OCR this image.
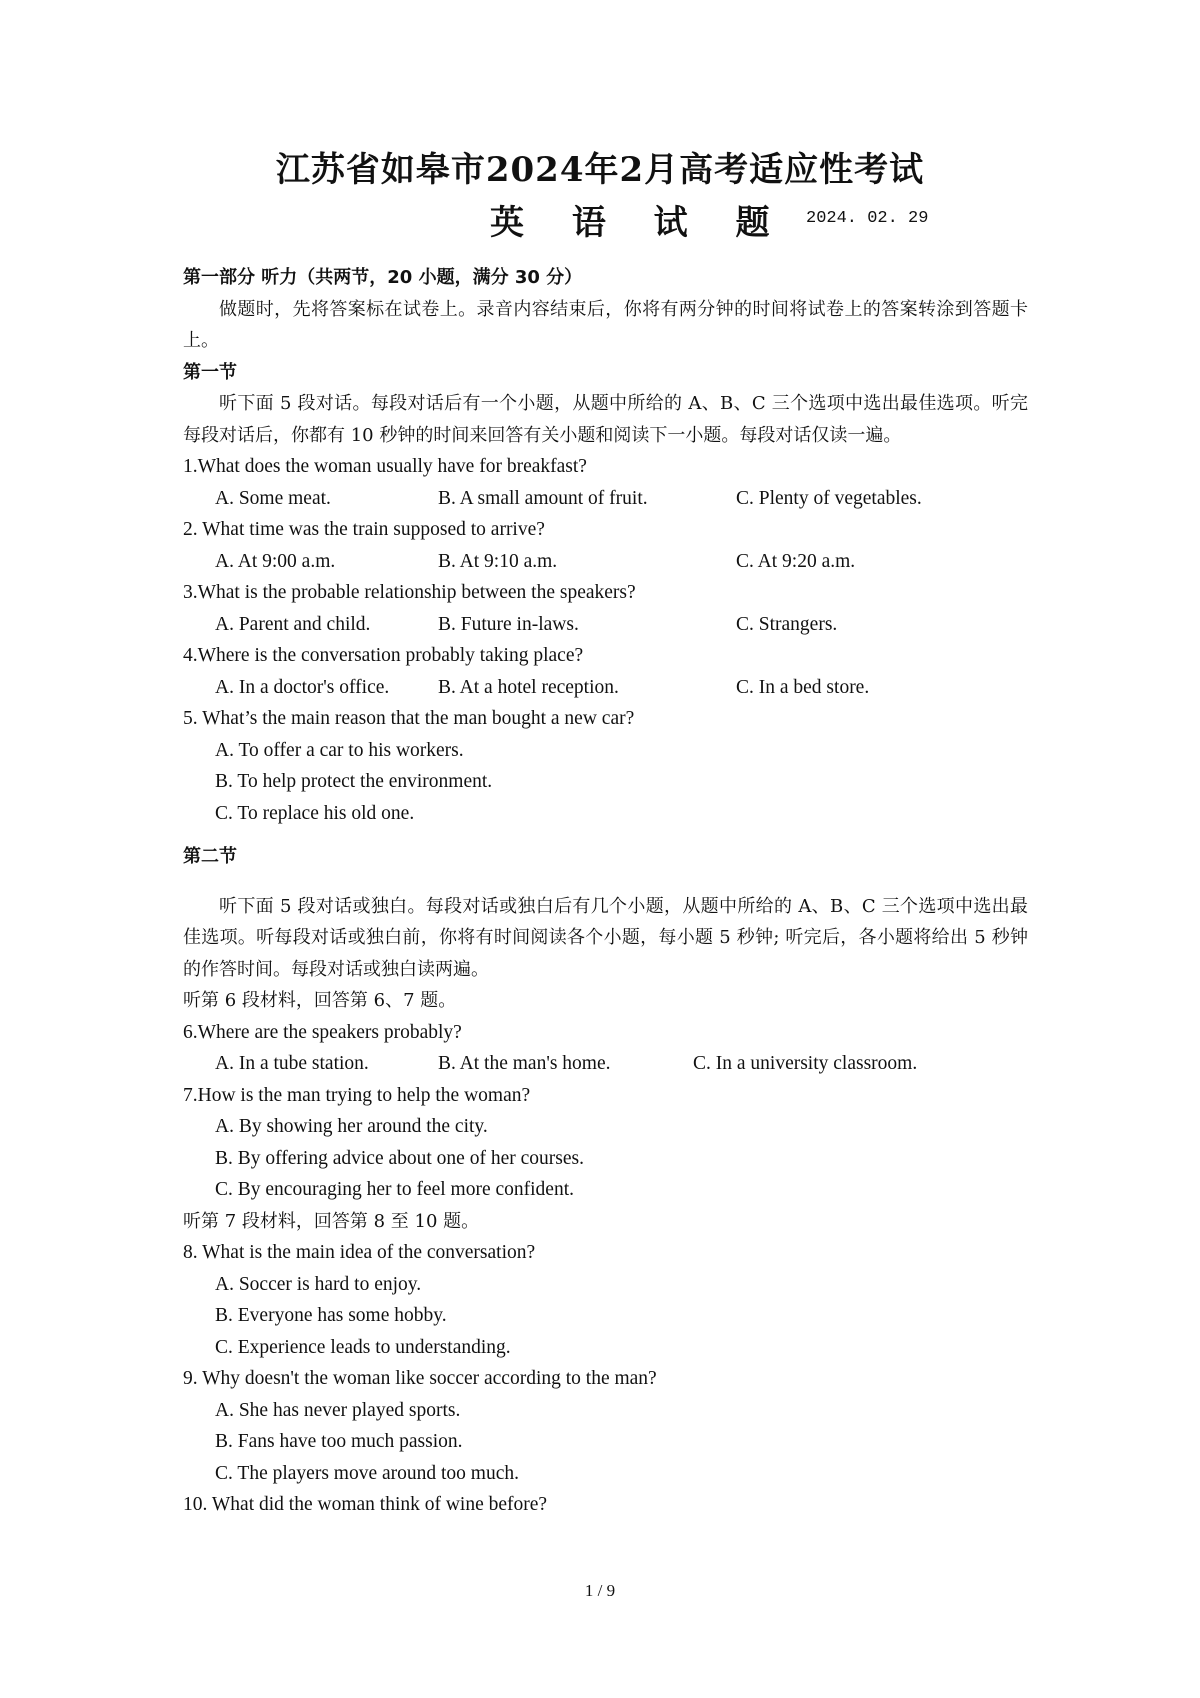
江苏省如皋市2024年2月高考适应性考试
英 语 试 题 2024. 02. 29
第一部分 听力（共两节，20 小题，满分 30 分）
做题时，先将答案标在试卷上。录音内容结束后，你将有两分钟的时间将试卷上的答案转涂到答题卡上。
第一节
听下面 5 段对话。每段对话后有一个小题，从题中所给的 A、B、C 三个选项中选出最佳选项。听完每段对话后，你都有 10 秒钟的时间来回答有关小题和阅读下一小题。每段对话仅读一遍。
1.What does the woman usually have for breakfast?
A. Some meat.	B. A small amount of fruit.	C. Plenty of vegetables.
2. What time was the train supposed to arrive?
A. At 9:00 a.m.	B. At 9:10 a.m.	C. At 9:20 a.m.
3.What is the probable relationship between the speakers?
A. Parent and child.	B. Future in-laws.	C. Strangers.
4.Where is the conversation probably taking place?
A. In a doctor's office. B. At a hotel reception.	C. In a bed store.
5. What’s the main reason that the man bought a new car?
A. To offer a car to his workers.
B. To help protect the environment.
C. To replace his old one.
第二节
听下面 5 段对话或独白。每段对话或独白后有几个小题，从题中所给的 A、B、C 三个选项中选出最佳选项。听每段对话或独白前，你将有时间阅读各个小题，每小题 5 秒钟; 听完后，各小题将给出 5 秒钟的作答时间。每段对话或独白读两遍。
听第 6 段材料，回答第 6、7 题。
6.Where are the speakers probably?
A. In a tube station.	B. At the man's home.	C. In a university classroom.
7.How is the man trying to help the woman?
A. By showing her around the city.
B. By offering advice about one of her courses.
C. By encouraging her to feel more confident.
听第 7 段材料，回答第 8 至 10 题。
8. What is the main idea of the conversation?
A. Soccer is hard to enjoy.
B. Everyone has some hobby.
C. Experience leads to understanding.
9. Why doesn't the woman like soccer according to the man?
A. She has never played sports.
B. Fans have too much passion.
C. The players move around too much.
10. What did the woman think of wine before?
1 / 9
